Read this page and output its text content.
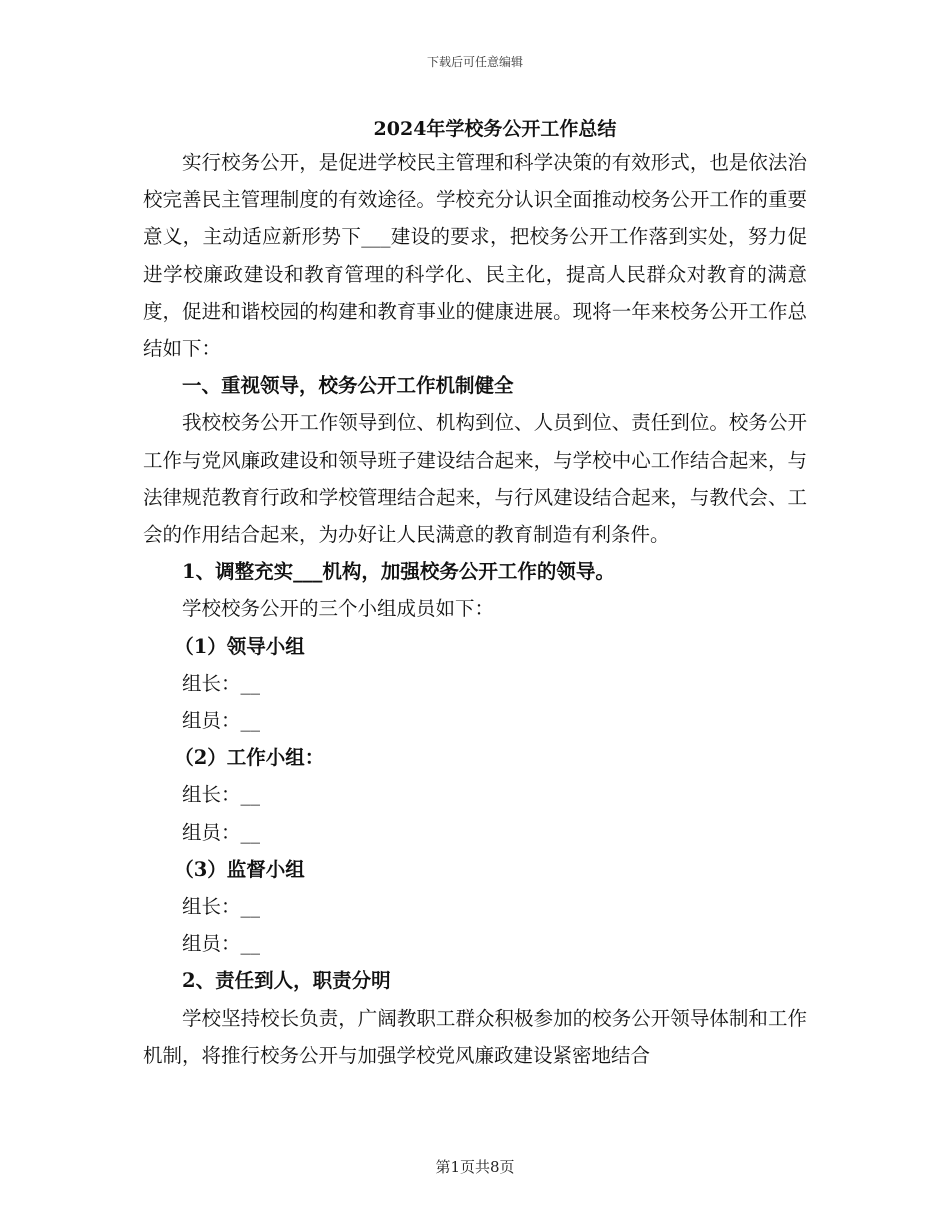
下载后可任意编辑
2024年学校务公开工作总结

实行校务公开，是促进学校民主管理和科学决策的有效形式，也是依法治校完善民主管理制度的有效途径。学校充分认识全面推动校务公开工作的重要意义，主动适应新形势下___建设的要求，把校务公开工作落到实处，努力促进学校廉政建设和教育管理的科学化、民主化，提高人民群众对教育的满意度，促进和谐校园的构建和教育事业的健康进展。现将一年来校务公开工作总结如下：

一、重视领导，校务公开工作机制健全

我校校务公开工作领导到位、机构到位、人员到位、责任到位。校务公开工作与党风廉政建设和领导班子建设结合起来，与学校中心工作结合起来，与法律规范教育行政和学校管理结合起来，与行风建设结合起来，与教代会、工会的作用结合起来，为办好让人民满意的教育制造有利条件。

1、调整充实___机构，加强校务公开工作的领导。

学校校务公开的三个小组成员如下：

（1）领导小组

组长：__

组员：__

（2）工作小组：

组长：__

组员：__

（3）监督小组

组长：__

组员：__

2、责任到人，职责分明

学校坚持校长负责，广阔教职工群众积极参加的校务公开领导体制和工作机制，将推行校务公开与加强学校党风廉政建设紧密地结合

第1页共8页
